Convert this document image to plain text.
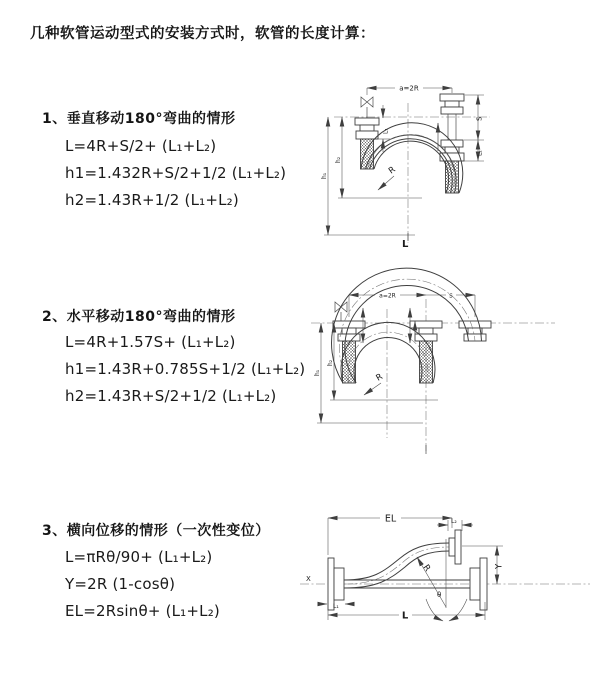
几种软管运动型式的安装方式时，软管的长度计算：
1、垂直移动180°弯曲的情形
L=4R+S/2+ (L₁+L₂)
h1=1.432R+S/2+1/2 (L₁+L₂)
h2=1.43R+1/2 (L₁+L₂)
a=2R
h₁
h₂
L₁
S
L₂
R
L
2、水平移动180°弯曲的情形
L=4R+1.57S+ (L₁+L₂)
h1=1.43R+0.785S+1/2 (L₁+L₂)
h2=1.43R+S/2+1/2 (L₁+L₂)
a=2R	s
h₁
h₂
R
3、横向位移的情形（一次性变位）
L=πRθ/90+ (L₁+L₂)
Y=2R (1-cosθ)
EL=2Rsinθ+ (L₁+L₂)
X
EL	L₂
Y
R
θ
L₁
L
